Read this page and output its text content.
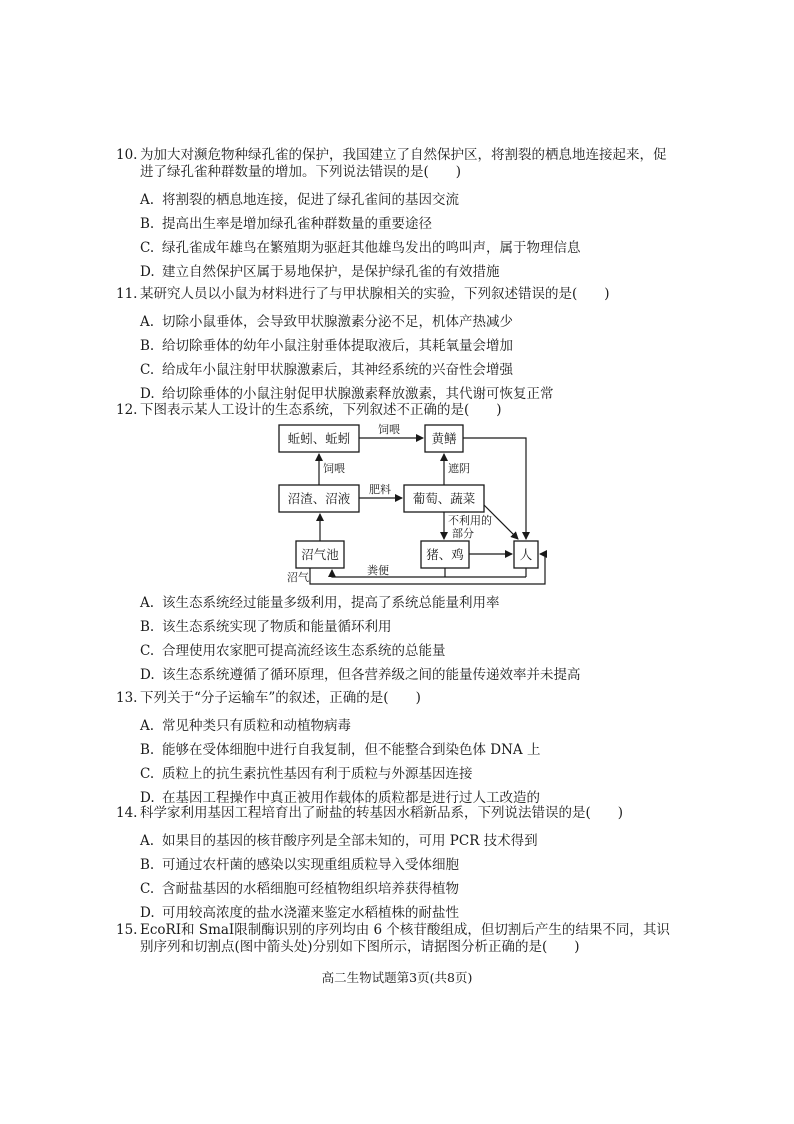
10. 为加大对濒危物种绿孔雀的保护，我国建立了自然保护区，将割裂的栖息地连接起来，促
进了绿孔雀种群数量的增加。下列说法错误的是(　　)
A. 将割裂的栖息地连接，促进了绿孔雀间的基因交流
B. 提高出生率是增加绿孔雀种群数量的重要途径
C. 绿孔雀成年雄鸟在繁殖期为驱赶其他雄鸟发出的鸣叫声，属于物理信息
D. 建立自然保护区属于易地保护，是保护绿孔雀的有效措施
11. 某研究人员以小鼠为材料进行了与甲状腺相关的实验，下列叙述错误的是(　　)
A. 切除小鼠垂体，会导致甲状腺激素分泌不足，机体产热减少
B. 给切除垂体的幼年小鼠注射垂体提取液后，其耗氧量会增加
C. 给成年小鼠注射甲状腺激素后，其神经系统的兴奋性会增强
D. 给切除垂体的小鼠注射促甲状腺激素释放激素，其代谢可恢复正常
12. 下图表示某人工设计的生态系统，下列叙述不正确的是(　　)
蚯蚓、蚯蚓	黄鳝
沼渣、沼液	葡萄、蔬菜
沼气池	猪、鸡	人
饲喂
饲喂
肥料
遮阴
不利用的
部分
粪便
沼气
A. 该生态系统经过能量多级利用，提高了系统总能量利用率
B. 该生态系统实现了物质和能量循环利用
C. 合理使用农家肥可提高流经该生态系统的总能量
D. 该生态系统遵循了循环原理，但各营养级之间的能量传递效率并未提高
13. 下列关于“分子运输车”的叙述，正确的是(　　)
A. 常见种类只有质粒和动植物病毒
B. 能够在受体细胞中进行自我复制，但不能整合到染色体 DNA 上
C. 质粒上的抗生素抗性基因有利于质粒与外源基因连接
D. 在基因工程操作中真正被用作载体的质粒都是进行过人工改造的
14. 科学家利用基因工程培育出了耐盐的转基因水稻新品系，下列说法错误的是(　　)
A. 如果目的基因的核苷酸序列是全部未知的，可用 PCR 技术得到
B. 可通过农杆菌的感染以实现重组质粒导入受体细胞
C. 含耐盐基因的水稻细胞可经植物组织培养获得植物
D. 可用较高浓度的盐水浇灌来鉴定水稻植株的耐盐性
15. EcoRⅠ和 SmaⅠ限制酶识别的序列均由 6 个核苷酸组成，但切割后产生的结果不同，其识
别序列和切割点(图中箭头处)分别如下图所示，请据图分析正确的是(　　)
高二生物试题第3页(共8页)
